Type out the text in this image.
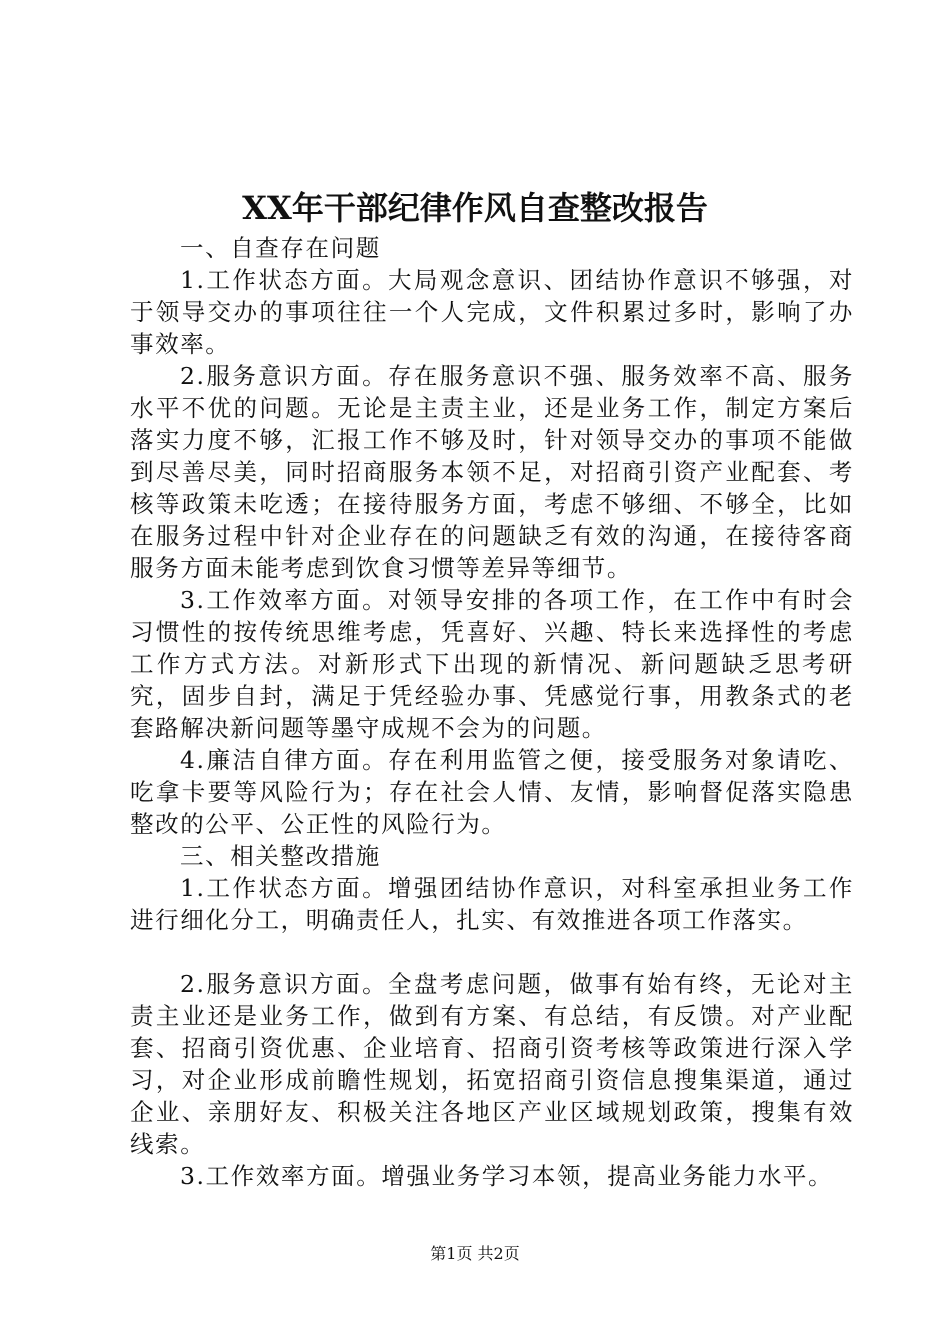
XX年干部纪律作风自查整改报告

一、自查存在问题

1.工作状态方面。大局观念意识、团结协作意识不够强，对于领导交办的事项往往一个人完成，文件积累过多时，影响了办事效率。

2.服务意识方面。存在服务意识不强、服务效率不高、服务水平不优的问题。无论是主责主业，还是业务工作，制定方案后落实力度不够，汇报工作不够及时，针对领导交办的事项不能做到尽善尽美，同时招商服务本领不足，对招商引资产业配套、考核等政策未吃透；在接待服务方面，考虑不够细、不够全，比如在服务过程中针对企业存在的问题缺乏有效的沟通，在接待客商服务方面未能考虑到饮食习惯等差异等细节。

3.工作效率方面。对领导安排的各项工作，在工作中有时会习惯性的按传统思维考虑，凭喜好、兴趣、特长来选择性的考虑工作方式方法。对新形式下出现的新情况、新问题缺乏思考研究，固步自封，满足于凭经验办事、凭感觉行事，用教条式的老套路解决新问题等墨守成规不会为的问题。

4.廉洁自律方面。存在利用监管之便，接受服务对象请吃、吃拿卡要等风险行为；存在社会人情、友情，影响督促落实隐患整改的公平、公正性的风险行为。

三、相关整改措施

1.工作状态方面。增强团结协作意识，对科室承担业务工作进行细化分工，明确责任人，扎实、有效推进各项工作落实。

2.服务意识方面。全盘考虑问题，做事有始有终，无论对主责主业还是业务工作，做到有方案、有总结，有反馈。对产业配套、招商引资优惠、企业培育、招商引资考核等政策进行深入学习，对企业形成前瞻性规划，拓宽招商引资信息搜集渠道，通过企业、亲朋好友、积极关注各地区产业区域规划政策，搜集有效线索。

3.工作效率方面。增强业务学习本领，提高业务能力水平。

第1页 共2页
